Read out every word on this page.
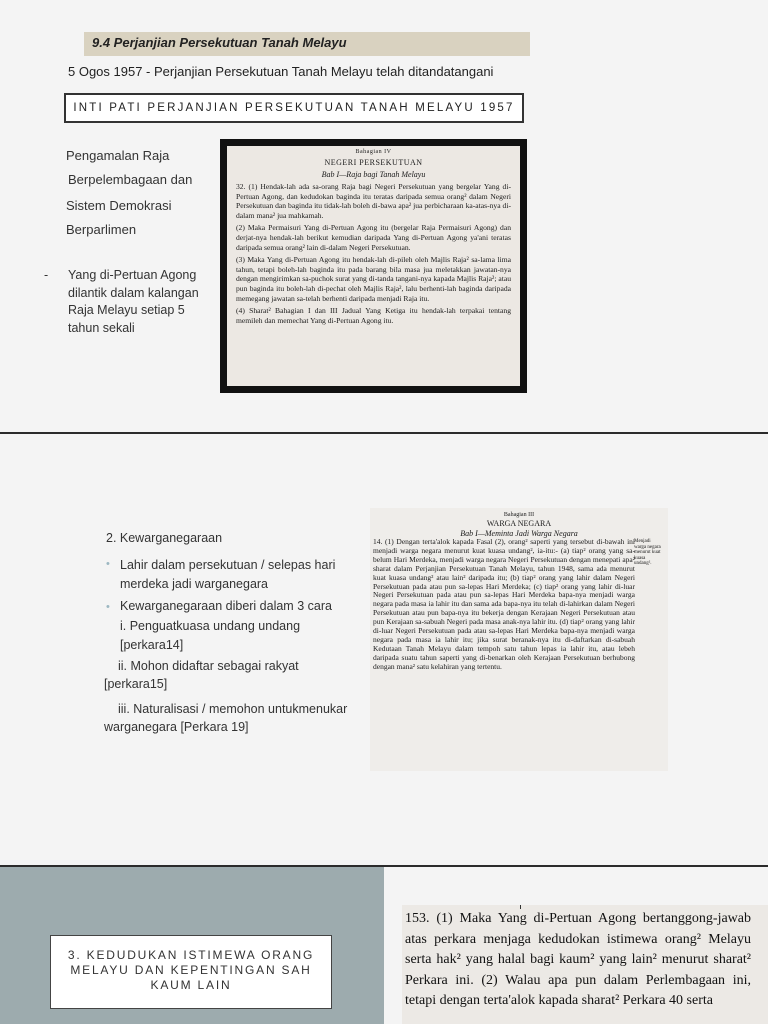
9.4 Perjanjian Persekutuan Tanah Melayu
5 Ogos 1957 - Perjanjian Persekutuan Tanah Melayu telah ditandatangani
INTI PATI PERJANJIAN PERSEKUTUAN TANAH MELAYU 1957
Pengamalan Raja
Berpelembagaan dan
Sistem Demokrasi
Berparlimen
- Yang di-Pertuan Agong dilantik dalam kalangan Raja Melayu setiap 5 tahun sekali
Bahagian IV
NEGERI PERSEKUTUAN
Bab I—Raja bagi Tanah Melayu
32. (1) Hendak-lah ada sa-orang Raja bagi Negeri Persekutuan yang bergelar Yang di-Pertuan Agong, dan kedudokan baginda itu teratas daripada semua orang² dalam Negeri Persekutuan dan baginda itu tidak-lah boleh di-bawa apa² jua perbicharaan ka-atas-nya di-dalam mana² jua mahkamah.
(2) Maka Permaisuri Yang di-Pertuan Agong itu (bergelar Raja Permaisuri Agong) dan derjat-nya hendak-lah berikut kemudian daripada Yang di-Pertuan Agong ya'ani teratas daripada semua orang² lain di-dalam Negeri Persekutuan.
(3) Maka Yang di-Pertuan Agong itu hendak-lah di-pileh oleh Majlis Raja² sa-lama lima tahun, tetapi boleh-lah baginda itu pada barang bila masa jua meletakkan jawatan-nya dengan mengirimkan sa-puchok surat yang di-tanda tangani-nya kapada Majlis Raja²; atau pun baginda itu boleh-lah di-pechat oleh Majlis Raja², lalu berhenti-lah baginda daripada memegang jawatan sa-telah berhenti daripada menjadi Raja itu.
(4) Sharat² Bahagian I dan III Jadual Yang Ketiga itu hendak-lah terpakai tentang memileh dan memechat Yang di-Pertuan Agong itu.
2. Kewarganegaraan
• Lahir dalam persekutuan / selepas hari merdeka jadi warganegara
• Kewarganegaraan diberi dalam 3 cara
i. Penguatkuasa undang undang [perkara14]
ii. Mohon didaftar sebagai rakyat
[perkara15]
iii. Naturalisasi / memohon untukmenukar
warganegara [Perkara 19]
Bahagian III
WARGA NEGARA
Bab I—Meminta Jadi Warga Negara
14. (1) Dengan terta'alok kapada Fasal (2), orang² saperti yang tersebut di-bawah ini menjadi warga negara menurut kuat kuasa undang², ia-itu:- (a) tiap² orang yang sa-belum Hari Merdeka, menjadi warga negara Negeri Persekutuan dengan menepati apa² sharat dalam Perjanjian Persekutuan Tanah Melayu, tahun 1948, sama ada menurut kuat kuasa undang² atau lain² daripada itu; (b) tiap² orang yang lahir dalam Negeri Persekutuan pada atau pun sa-lepas Hari Merdeka; (c) tiap² orang yang lahir di-luar Negeri Persekutuan pada atau pun sa-lepas Hari Merdeka bapa-nya menjadi warga negara pada masa ia lahir itu dan sama ada bapa-nya itu telah di-lahirkan dalam Negeri Persekutuan atau pun bapa-nya itu bekerja dengan Kerajaan Negeri Persekutuan atau pun Kerajaan sa-sabuah Negeri pada masa anak-nya lahir itu. (d) tiap² orang yang lahir di-luar Negeri Persekutuan pada atau sa-lepas Hari Merdeka bapa-nya menjadi warga negara pada masa ia lahir itu; jika surat beranak-nya itu di-daftarkan di-sabuah Kedutaan Tanah Melayu dalam tempoh satu tahun lepas ia lahir itu, atau lebeh daripada suatu tahun saperti yang di-benarkan oleh Kerajaan Persekutuan berhubong dengan mana² satu kelahiran yang tertentu.
Menjadi warga negara menurut kuat kuasa undang².
3. KEDUDUKAN ISTIMEWA ORANG MELAYU DAN KEPENTINGAN SAH KAUM LAIN
153. (1) Maka Yang di-Pertuan Agong bertanggong-jawab atas perkara menjaga kedudokan istimewa orang² Melayu serta hak² yang halal bagi kaum² yang lain² menurut sharat² Perkara ini. (2) Walau apa pun dalam Perlembagaan ini, tetapi dengan terta'alok kapada sharat² Perkara 40 serta
